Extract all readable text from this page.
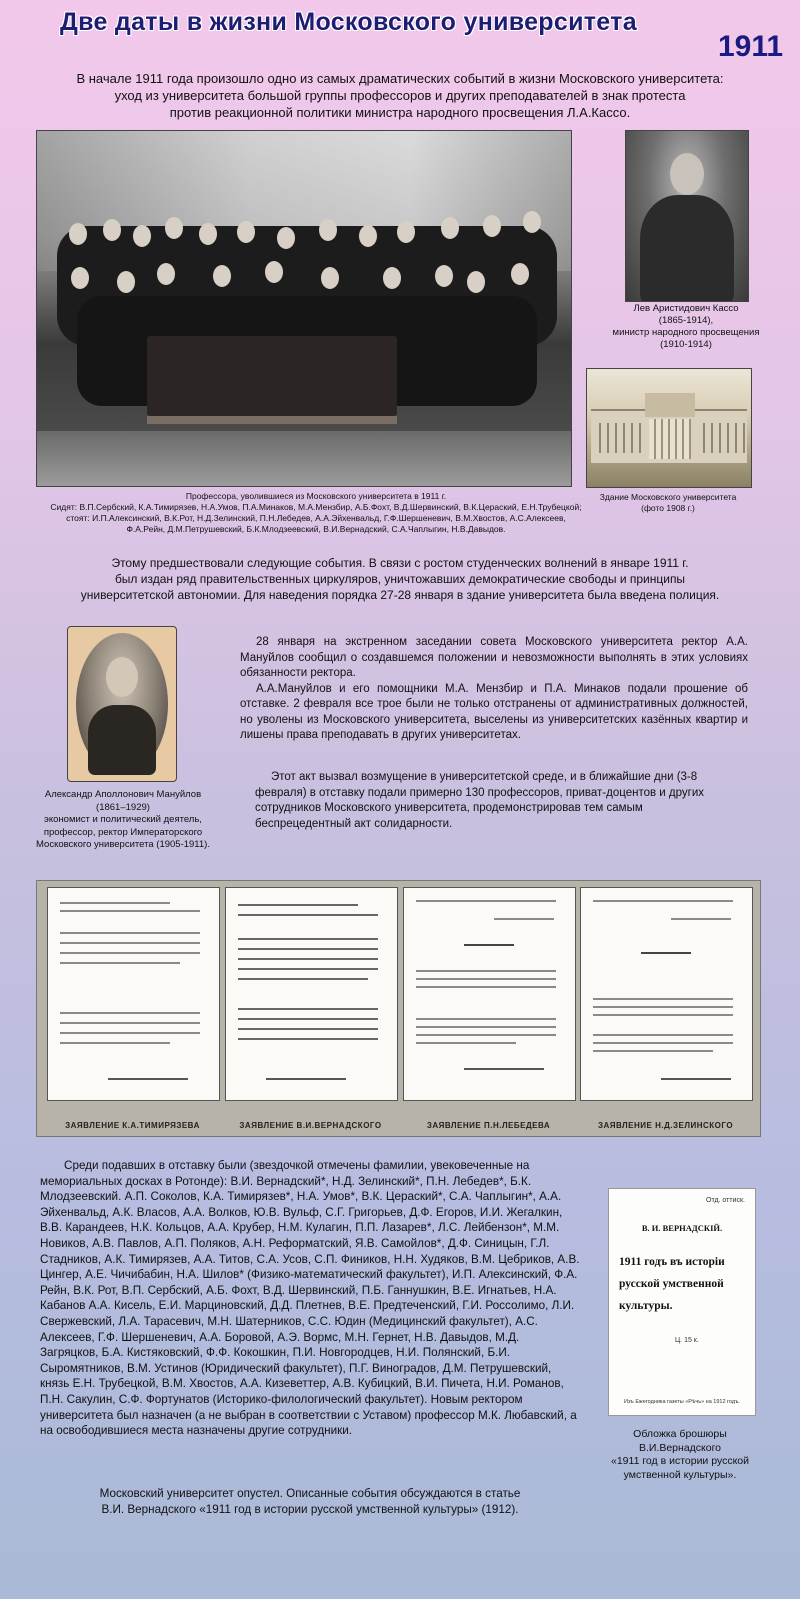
Две даты в жизни Московского университета
1911
В начале 1911 года произошло одно из самых драматических событий в жизни Московского университета:
уход из университета большой группы профессоров и других преподавателей в знак протеста
против реакционной политики министра народного просвещения Л.А.Кассо.
Профессора, уволившиеся из Московского университета в 1911 г.
Сидят: В.П.Сербский, К.А.Тимирязев, Н.А.Умов, П.А.Минаков, М.А.Мензбир, А.Б.Фохт, В.Д.Шервинский, В.К.Цераский, Е.Н.Трубецкой;
стоят: И.П.Алексинский, В.К.Рот, Н.Д.Зелинский, П.Н.Лебедев, А.А.Эйхенвальд, Г.Ф.Шершеневич, В.М.Хвостов, А.С.Алексеев,
Ф.А.Рейн, Д.М.Петрушевский, Б.К.Млодзеевский, В.И.Вернадский, С.А.Чаплыгин, Н.В.Давыдов.
Лев Аристидович Кассо
(1865-1914),
министр народного просвещения
(1910-1914)
Здание Московского университета
(фото 1908 г.)
Этому предшествовали следующие события. В связи с ростом студенческих волнений в январе 1911 г.
был издан ряд правительственных циркуляров, уничтожавших демократические свободы и принципы
университетской автономии. Для наведения порядка 27-28 января в здание университета была введена полиция.
Александр Аполлонович Мануйлов
(1861–1929)
экономист и политический деятель,
профессор, ректор Императорского
Московского университета (1905-1911).

28 января на экстренном заседании совета Московского университета ректор А.А. Мануйлов сообщил о создавшемся положении и невозможности выполнять в этих условиях обязанности ректора.

А.А.Мануйлов и его помощники М.А. Мензбир и П.А. Минаков подали прошение об отставке. 2 февраля все трое были не только отстранены от административных должностей, но уволены из Московского университета, выселены из университетских казённых квартир и лишены права преподавать в других университетах.

Этот акт вызвал возмущение в университетской среде, и в ближайшие дни (3-8 февраля) в отставку подали примерно 130 профессоров, приват-доцентов и других сотрудников Московского университета, продемонстрировав тем самым беспрецедентный акт солидарности.

ЗАЯВЛЕНИЕ К.А.ТИМИРЯЗЕВА	ЗАЯВЛЕНИЕ В.И.ВЕРНАДСКОГО	ЗАЯВЛЕНИЕ П.Н.ЛЕБЕДЕВА	ЗАЯВЛЕНИЕ Н.Д.ЗЕЛИНСКОГО

Среди подавших в отставку были (звездочкой отмечены фамилии, увековеченные на мемориальных досках в Ротонде): В.И. Вернадский*, Н.Д. Зелинский*, П.Н. Лебедев*, Б.К. Млодзеевский. А.П. Соколов, К.А. Тимирязев*, Н.А. Умов*, В.К. Цераский*, С.А. Чаплыгин*, А.А. Эйхенвальд, А.К. Власов, А.А. Волков, Ю.В. Вульф, С.Г. Григорьев, Д.Ф. Егоров, И.И. Жегалкин, В.В. Карандеев, Н.К. Кольцов, А.А. Крубер, Н.М. Кулагин, П.П. Лазарев*, Л.С. Лейбензон*, М.М. Новиков, А.В. Павлов, А.П. Поляков, А.Н. Реформатский, Я.В. Самойлов*, Д.Ф. Синицын, Г.Л. Стадников, А.К. Тимирязев, А.А. Титов, С.А. Усов, С.П. Фиников, Н.Н. Худяков, В.М. Цебриков, А.В. Цингер, А.Е. Чичибабин, Н.А. Шилов* (Физико-математический факультет), И.П. Алексинский, Ф.А. Рейн, В.К. Рот, В.П. Сербский, А.Б. Фохт, В.Д. Шервинский, П.Б. Ганнушкин, В.Е. Игнатьев, Н.А. Кабанов А.А. Кисель, Е.И. Марциновский, Д.Д. Плетнев, В.Е. Предтеченский, Г.И. Россолимо, Л.И. Свержевский, Л.А. Тарасевич, М.Н. Шатерников, С.С. Юдин (Медицинский факультет), А.С. Алексеев, Г.Ф. Шершеневич, А.А. Боровой, А.Э. Вормс, М.Н. Гернет, Н.В. Давыдов, М.Д. Загряцков, Б.А. Кистяковский, Ф.Ф. Кокошкин, П.И. Новгородцев, Н.И. Полянский, Б.И. Сыромятников, В.М. Устинов (Юридический факультет), П.Г. Виноградов, Д.М. Петрушевский, князь Е.Н. Трубецкой, В.М. Хвостов, А.А. Кизеветтер, А.В. Кубицкий, В.И. Пичета, Н.И. Романов, П.Н. Сакулин, С.Ф. Фортунатов (Историко-филологический факультет). Новым ректором университета был назначен (а не выбран в соответствии с Уставом) профессор М.К. Любавский, а на освободившиеся места назначены другие сотрудники.

Московский университет опустел. Описанные события обсуждаются в статье
В.И. Вернадского «1911 год в истории русской умственной культуры» (1912).
Отд. оттиск.
В. И. ВЕРНАДСКІЙ.
1911 годъ въ исторіи русской умственной культуры.
Ц. 15 к.
Изъ Ежегодника газеты «Рѣчь» на 1912 годъ.
Обложка брошюры
В.И.Вернадского
«1911 год в истории русской
умственной культуры».
